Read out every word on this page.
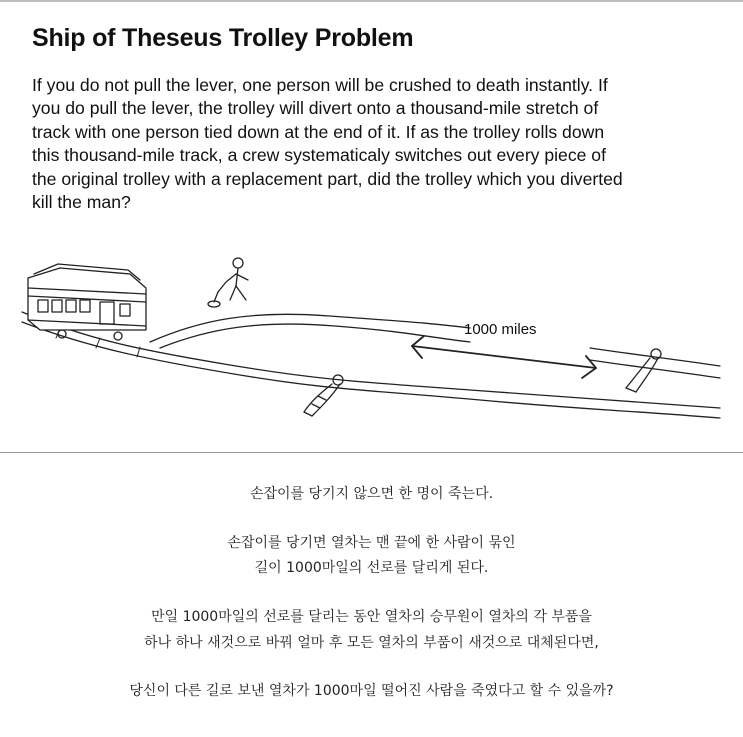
Ship of Theseus Trolley Problem
If you do not pull the lever, one person will be crushed to death instantly. If
you do pull the lever, the trolley will divert onto a thousand-mile stretch of
track with one person tied down at the end of it. If as the trolley rolls down
this thousand-mile track, a crew systematicaly switches out every piece of
the original trolley with a replacement part, did the trolley which you diverted
kill the man?
1000 miles
손잡이를 당기지 않으면 한 명이 죽는다.
손잡이를 당기면 열차는 맨 끝에 한 사람이 묶인
길이 1000마일의 선로를 달리게 된다.
만일 1000마일의 선로를 달리는 동안 열차의 승무원이 열차의 각 부품을
하나 하나 새것으로 바꿔 얼마 후 모든 열차의 부품이 새것으로 대체된다면,
당신이 다른 길로 보낸 열차가 1000마일 떨어진 사람을 죽였다고 할 수 있을까?
